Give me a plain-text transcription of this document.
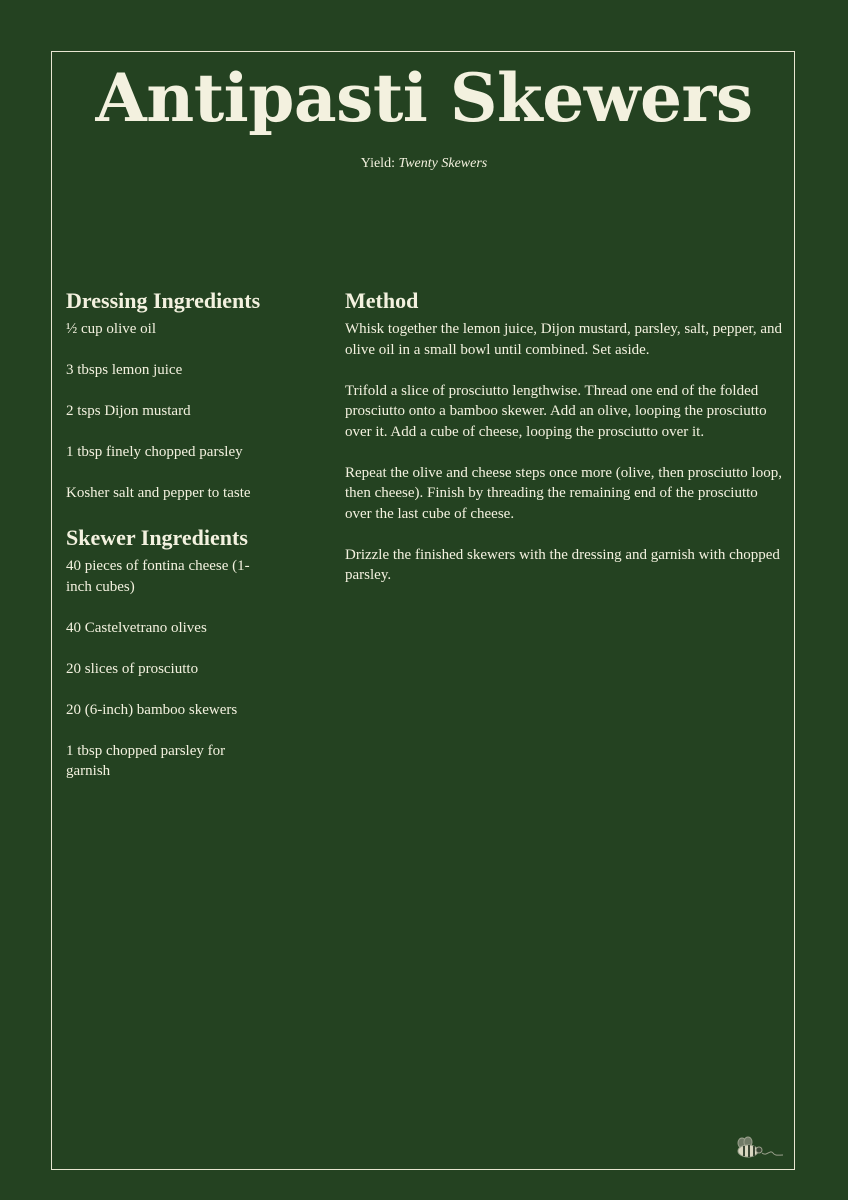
Antipasti Skewers
Yield: Twenty Skewers
Dressing Ingredients
½ cup olive oil
3 tbsps lemon juice
2 tsps Dijon mustard
1 tbsp finely chopped parsley
Kosher salt and pepper to taste
Skewer Ingredients
40 pieces of fontina cheese (1-inch cubes)
40 Castelvetrano olives
20 slices of prosciutto
20 (6-inch) bamboo skewers
1 tbsp chopped parsley for garnish
Method

Whisk together the lemon juice, Dijon mustard, parsley, salt, pepper, and olive oil in a small bowl until combined. Set aside.

Trifold a slice of prosciutto lengthwise. Thread one end of the folded prosciutto onto a bamboo skewer. Add an olive, looping the prosciutto over it. Add a cube of cheese, looping the prosciutto over it.

Repeat the olive and cheese steps once more (olive, then prosciutto loop, then cheese). Finish by threading the remaining end of the prosciutto over the last cube of cheese.

Drizzle the finished skewers with the dressing and garnish with chopped parsley.
